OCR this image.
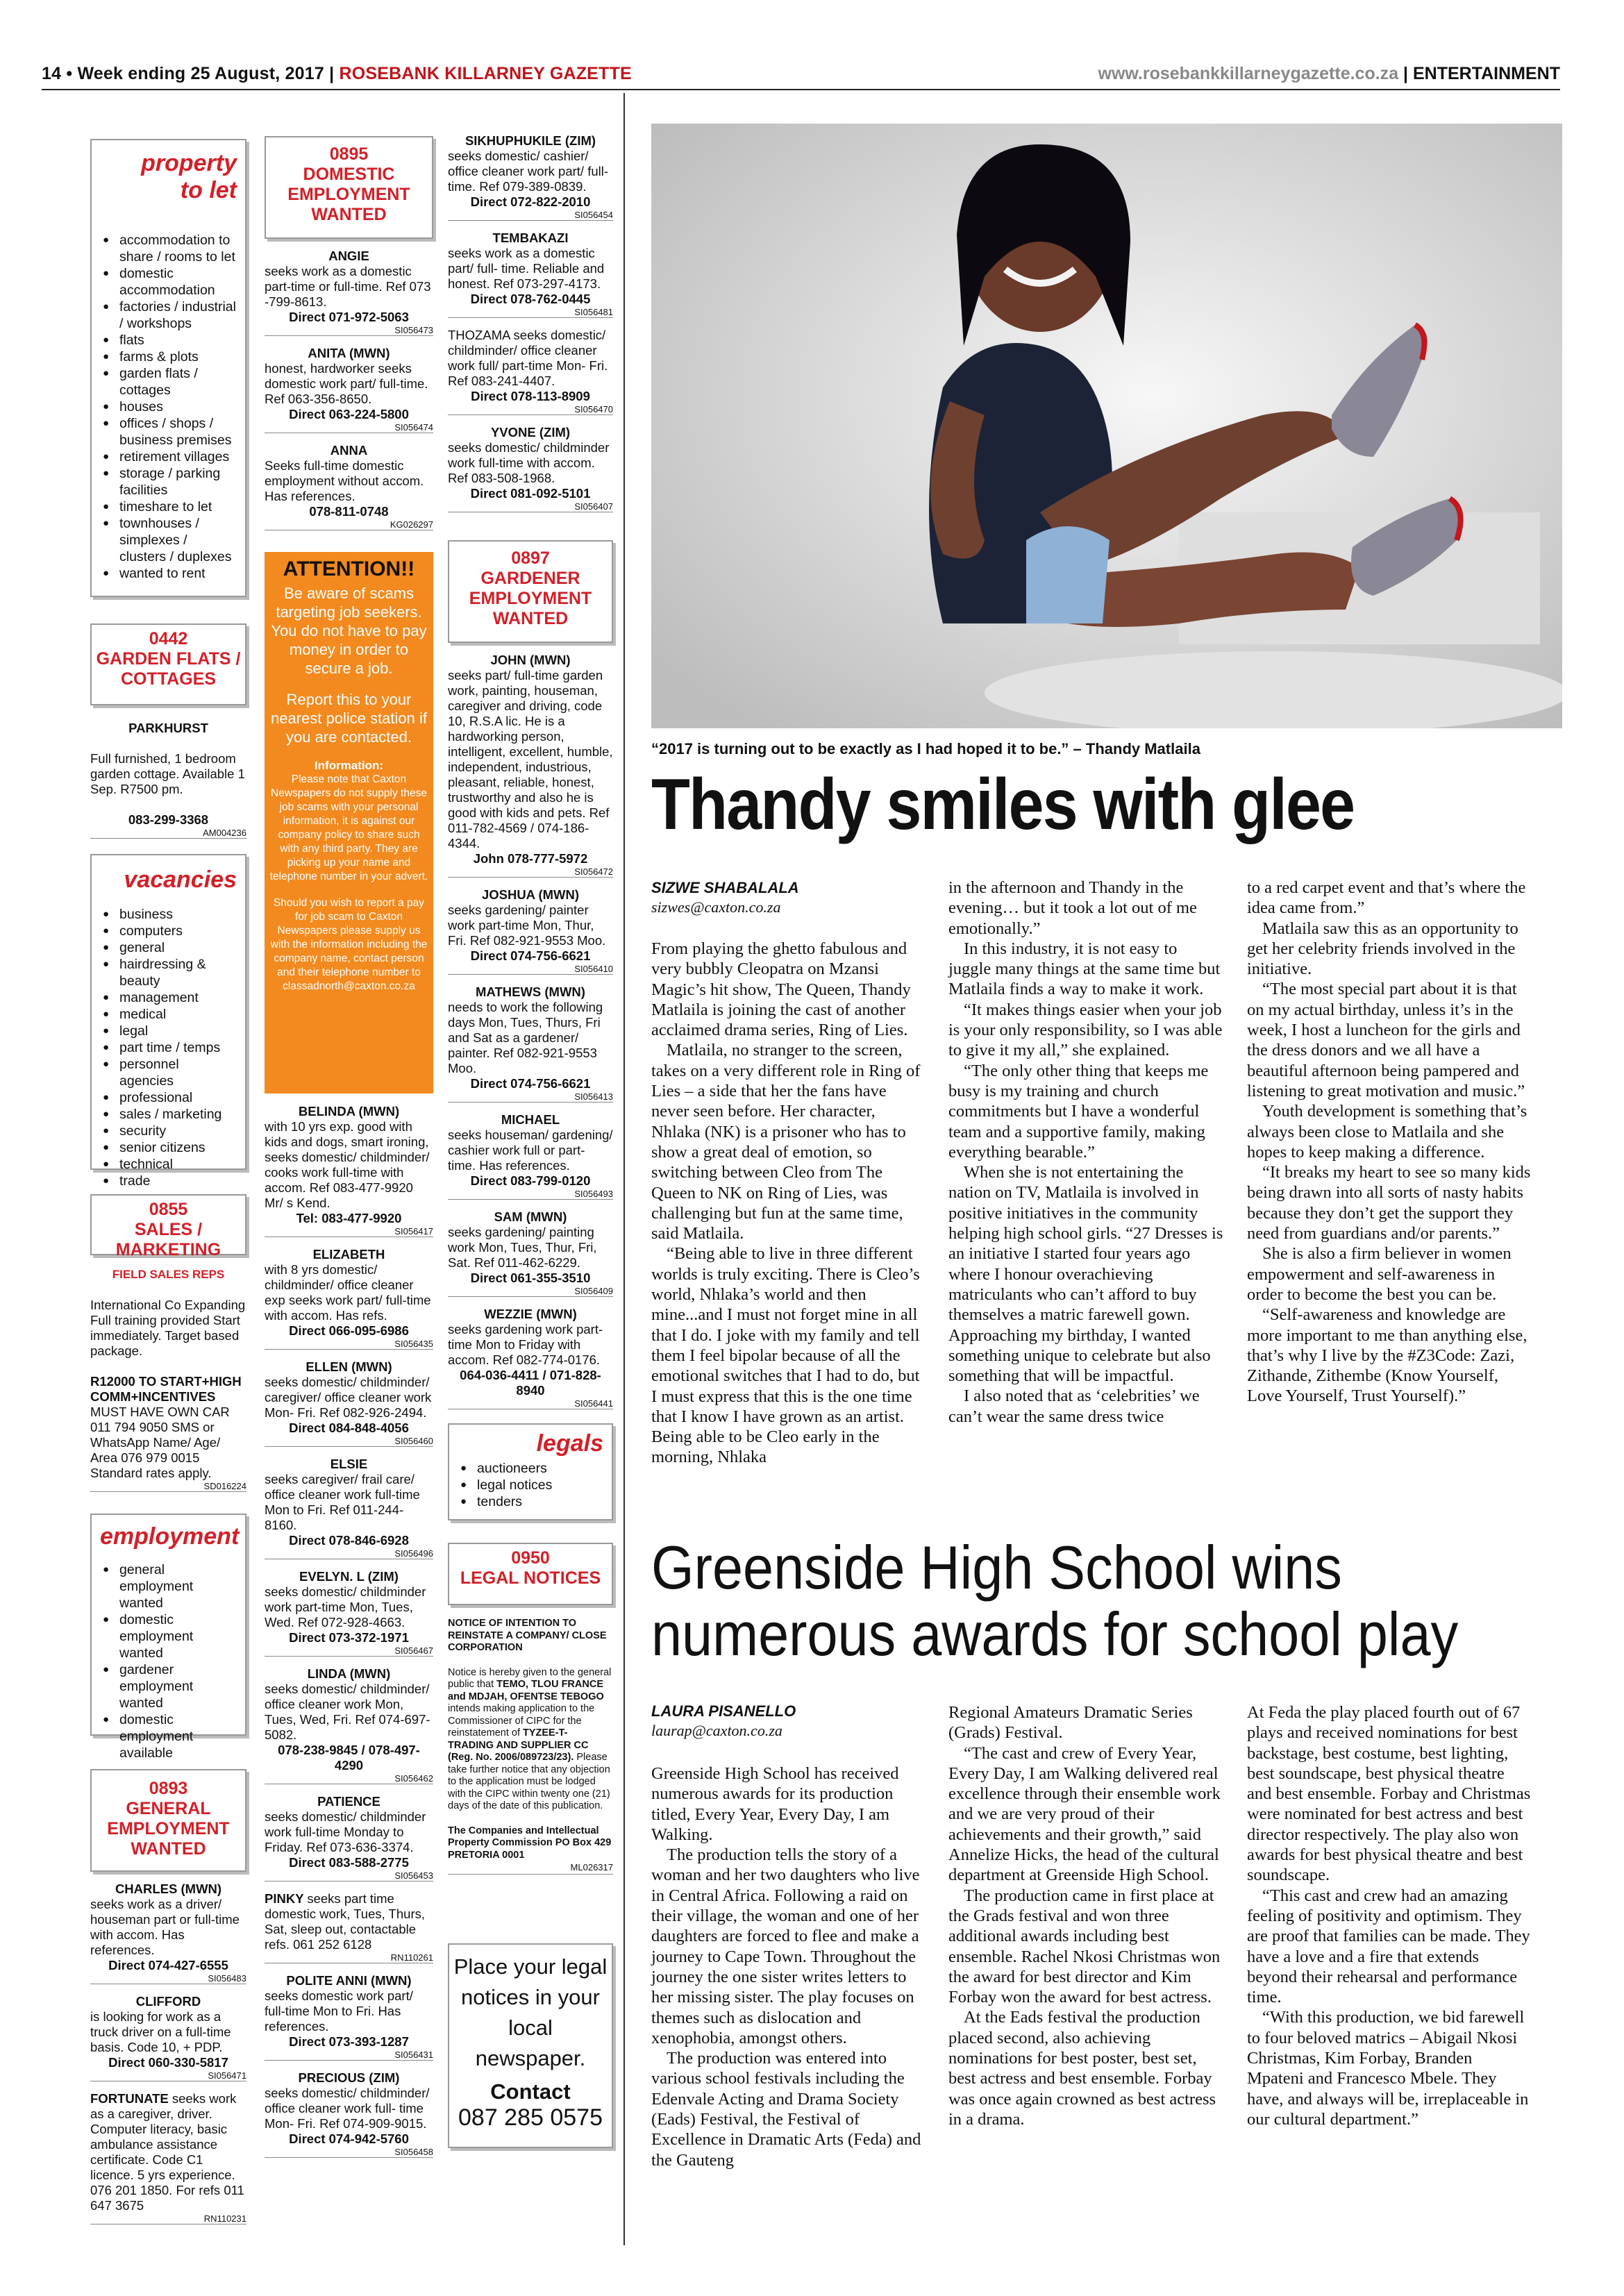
14 • Week ending 25 August, 2017 | ROSEBANK KILLARNEY GAZETTE	www.rosebankkillarneygazette.co.za | ENTERTAINMENT
property to let
● accommodation to share / rooms to let
● domestic accommodation
● factories / industrial / workshops
● flats
● farms & plots
● garden flats / cottages
● houses
● offices / shops / business premises
● retirement villages
● storage / parking facilities
● timeshare to let
● townhouses / simplexes / clusters / duplexes
● wanted to rent
0442
GARDEN FLATS / COTTAGES
PARKHURST
Full furnished, 1 bedroom garden cottage. Available 1 Sep. R7500 pm.
083-299-3368
AM004236
vacancies
● business
● computers
● general
● hairdressing & beauty
● management
● medical
● legal
● part time / temps
● personnel agencies
● professional
● sales / marketing
● security
● senior citizens
● technical
● trade
0855
SALES / MARKETING
FIELD SALES REPS
International Co Expanding Full training provided Start immediately. Target based package.
R12000 TO START+HIGH COMM+INCENTIVES
MUST HAVE OWN CAR 011 794 9050 SMS or WhatsApp Name/ Age/ Area 076 979 0015 Standard rates apply.
SD016224
employment
● general employment wanted
● domestic employment wanted
● gardener employment wanted
● domestic employment available
0893
GENERAL EMPLOYMENT WANTED
CHARLES (MWN)
seeks work as a driver/ houseman part or full-time with accom. Has references.
Direct 074-427-6555
SI056483
CLIFFORD
is looking for work as a truck driver on a full-time basis. Code 10, + PDP.
Direct 060-330-5817
SI056471
FORTUNATE seeks work as a caregiver, driver. Computer literacy, basic ambulance assistance certificate. Code C1 licence. 5 yrs experience. 076 201 1850. For refs 011 647 3675
RN110231
0895
DOMESTIC EMPLOYMENT WANTED
ANGIE
seeks work as a domestic part-time or full-time. Ref 073 -799-8613.
Direct 071-972-5063
SI056473
ANITA (MWN)
honest, hardworker seeks domestic work part/ full-time. Ref 063-356-8650.
Direct 063-224-5800
SI056474
ANNA
Seeks full-time domestic employment without accom. Has references.
078-811-0748
KG026297
ATTENTION!!
Be aware of scams targeting job seekers. You do not have to pay money in order to secure a job.
Report this to your nearest police station if you are contacted.
Information:
Please note that Caxton Newspapers do not supply these job scams with your personal information, it is against our company policy to share such with any third party. They are picking up your name and telephone number in your advert.
Should you wish to report a pay for job scam to Caxton Newspapers please supply us with the information including the company name, contact person and their telephone number to classadnorth@caxton.co.za
BELINDA (MWN)
with 10 yrs exp. good with kids and dogs, smart ironing, seeks domestic/ childminder/ cooks work full-time with accom. Ref 083-477-9920 Mr/ s Kend.
Tel: 083-477-9920
SI056417
ELIZABETH
with 8 yrs domestic/ childminder/ office cleaner exp seeks work part/ full-time with accom. Has refs.
Direct 066-095-6986
SI056435
ELLEN (MWN)
seeks domestic/ childminder/ caregiver/ office cleaner work Mon- Fri. Ref 082-926-2494.
Direct 084-848-4056
SI056460
ELSIE
seeks caregiver/ frail care/ office cleaner work full-time Mon to Fri. Ref 011-244-8160.
Direct 078-846-6928
SI056496
EVELYN. L (ZIM)
seeks domestic/ childminder work part-time Mon, Tues, Wed. Ref 072-928-4663.
Direct 073-372-1971
SI056467
LINDA (MWN)
seeks domestic/ childminder/ office cleaner work Mon, Tues, Wed, Fri. Ref 074-697-5082.
078-238-9845 / 078-497-4290
SI056462
PATIENCE
seeks domestic/ childminder work full-time Monday to Friday. Ref 073-636-3374.
Direct 083-588-2775
SI056453
PINKY seeks part time domestic work, Tues, Thurs, Sat, sleep out, contactable refs. 061 252 6128
RN110261
POLITE ANNI (MWN)
seeks domestic work part/ full-time Mon to Fri. Has references.
Direct 073-393-1287
SI056431
PRECIOUS (ZIM)
seeks domestic/ childminder/ office cleaner work full- time Mon- Fri. Ref 074-909-9015.
Direct 074-942-5760
SI056458
SIKHUPHUKILE (ZIM)
seeks domestic/ cashier/ office cleaner work part/ full-time. Ref 079-389-0839.
Direct 072-822-2010
SI056454
TEMBAKAZI
seeks work as a domestic part/ full- time. Reliable and honest. Ref 073-297-4173.
Direct 078-762-0445
SI056481
THOZAMA seeks domestic/ childminder/ office cleaner work full/ part-time Mon- Fri. Ref 083-241-4407.
Direct 078-113-8909
SI056470
YVONE (ZIM)
seeks domestic/ childminder work full-time with accom. Ref 083-508-1968.
Direct 081-092-5101
SI056407
0897
GARDENER EMPLOYMENT WANTED
JOHN (MWN)
seeks part/ full-time garden work, painting, houseman, caregiver and driving, code 10, R.S.A lic. He is a hardworking person, intelligent, excellent, humble, independent, industrious, pleasant, reliable, honest, trustworthy and also he is good with kids and pets. Ref 011-782-4569 / 074-186-4344.
John 078-777-5972
SI056472
JOSHUA (MWN)
seeks gardening/ painter work part-time Mon, Thur, Fri. Ref 082-921-9553 Moo.
Direct 074-756-6621
SI056410
MATHEWS (MWN)
needs to work the following days Mon, Tues, Thurs, Fri and Sat as a gardener/ painter. Ref 082-921-9553 Moo.
Direct 074-756-6621
SI056413
MICHAEL
seeks houseman/ gardening/ cashier work full or part- time. Has references.
Direct 083-799-0120
SI056493
SAM (MWN)
seeks gardening/ painting work Mon, Tues, Thur, Fri, Sat. Ref 011-462-6229.
Direct 061-355-3510
SI056409
WEZZIE (MWN)
seeks gardening work part-time Mon to Friday with accom. Ref 082-774-0176.
064-036-4411 / 071-828-8940
SI056441
legals
● auctioneers
● legal notices
● tenders
0950
LEGAL NOTICES
NOTICE OF INTENTION TO REINSTATE A COMPANY/ CLOSE CORPORATION
Notice is hereby given to the general public that TEMO, TLOU FRANCE and MDJAH, OFENTSE TEBOGO intends making application to the Commissioner of CIPC for the reinstatement of TYZEE-T- TRADING AND SUPPLIER CC (Reg. No. 2006/089723/23). Please take further notice that any objection to the application must be lodged with the CIPC within twenty one (21) days of the date of this publication.
The Companies and Intellectual Property Commission PO Box 429 PRETORIA 0001
ML026317
Place your legal notices in your local newspaper.
Contact
087 285 0575
“2017 is turning out to be exactly as I had hoped it to be.” – Thandy Matlaila
Thandy smiles with glee
SIZWE SHABALALA
sizwes@caxton.co.za

From playing the ghetto fabulous and very bubbly Cleopatra on Mzansi Magic’s hit show, The Queen, Thandy Matlaila is joining the cast of another acclaimed drama series, Ring of Lies.

Matlaila, no stranger to the screen, takes on a very different role in Ring of Lies – a side that her the fans have never seen before. Her character, Nhlaka (NK) is a prisoner who has to show a great deal of emotion, so switching between Cleo from The Queen to NK on Ring of Lies, was challenging but fun at the same time, said Matlaila.

“Being able to live in three different worlds is truly exciting. There is Cleo’s world, Nhlaka’s world and then mine...and I must not forget mine in all that I do. I joke with my family and tell them I feel bipolar because of all the emotional switches that I had to do, but I must express that this is the one time that I know I have grown as an artist. Being able to be Cleo early in the morning, Nhlaka

in the afternoon and Thandy in the evening… but it took a lot out of me emotionally.”

In this industry, it is not easy to juggle many things at the same time but Matlaila finds a way to make it work.

“It makes things easier when your job is your only responsibility, so I was able to give it my all,” she explained.

“The only other thing that keeps me busy is my training and church commitments but I have a wonderful team and a supportive family, making everything bearable.”

When she is not entertaining the nation on TV, Matlaila is involved in positive initiatives in the community helping high school girls. “27 Dresses is an initiative I started four years ago where I honour overachieving matriculants who can’t afford to buy themselves a matric farewell gown. Approaching my birthday, I wanted something unique to celebrate but also something that will be impactful.

I also noted that as ‘celebrities’ we can’t wear the same dress twice

to a red carpet event and that’s where the idea came from.”

Matlaila saw this as an opportunity to get her celebrity friends involved in the initiative.

“The most special part about it is that on my actual birthday, unless it’s in the week, I host a luncheon for the girls and the dress donors and we all have a beautiful afternoon being pampered and listening to great motivation and music.”

Youth development is something that’s always been close to Matlaila and she hopes to keep making a difference.

“It breaks my heart to see so many kids being drawn into all sorts of nasty habits because they don’t get the support they need from guardians and/or parents.”

She is also a firm believer in women empowerment and self-awareness in order to become the best you can be.

“Self-awareness and knowledge are more important to me than anything else, that’s why I live by the #Z3Code: Zazi, Zithande, Zithembe (Know Yourself, Love Yourself, Trust Yourself).”

Greenside High School wins
numerous awards for school play
LAURA PISANELLO
laurap@caxton.co.za

Greenside High School has received numerous awards for its production titled, Every Year, Every Day, I am Walking.

The production tells the story of a woman and her two daughters who live in Central Africa. Following a raid on their village, the woman and one of her daughters are forced to flee and make a journey to Cape Town. Throughout the journey the one sister writes letters to her missing sister. The play focuses on themes such as dislocation and xenophobia, amongst others.

The production was entered into various school festivals including the Edenvale Acting and Drama Society (Eads) Festival, the Festival of Excellence in Dramatic Arts (Feda) and the Gauteng

Regional Amateurs Dramatic Series (Grads) Festival.

“The cast and crew of Every Year, Every Day, I am Walking delivered real excellence through their ensemble work and we are very proud of their achievements and their growth,” said Annelize Hicks, the head of the cultural department at Greenside High School.

The production came in first place at the Grads festival and won three additional awards including best ensemble. Rachel Nkosi Christmas won the award for best director and Kim Forbay won the award for best actress.

At the Eads festival the production placed second, also achieving nominations for best poster, best set, best actress and best ensemble. Forbay was once again crowned as best actress in a drama.

At Feda the play placed fourth out of 67 plays and received nominations for best backstage, best costume, best lighting, best soundscape, best physical theatre and best ensemble. Forbay and Christmas were nominated for best actress and best director respectively. The play also won awards for best physical theatre and best soundscape.

“This cast and crew had an amazing feeling of positivity and optimism. They are proof that families can be made. They have a love and a fire that extends beyond their rehearsal and performance time.

“With this production, we bid farewell to four beloved matrics – Abigail Nkosi Christmas, Kim Forbay, Branden Mpateni and Francesco Mbele. They have, and always will be, irreplaceable in our cultural department.”
